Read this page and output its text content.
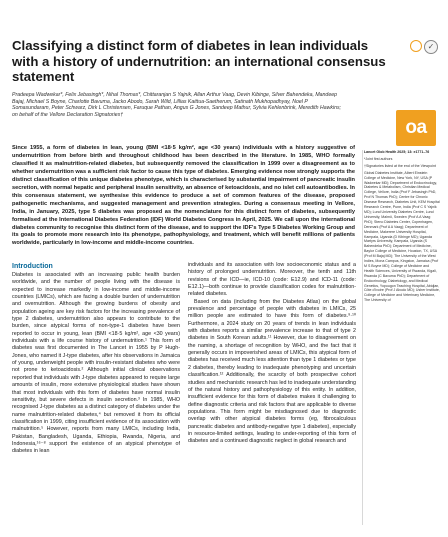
Classifying a distinct form of diabetes in lean individuals with a history of undernutrition: an international consensus statement
✓

Pradeepa Wadwekar*, Felix Jebasingh*, Nihal Thomas*, Chittaranjan S Yajnik, Allan Arthur Vaag, Devin Kibinge, Silver Bahendeka, Mandeep Bajaj, Michael S Boyne, Charlotte Bavuma, Jacko Abodo, Sarah Wild, Lillias Kaittua-Saetherum, Satinath Mukhopadhyay, Noel P Somasundaram, Peter Schwarz, Dirk L Christensen, Faruque Pathan, Angus G Jones, Sandeep Mathur, Sylvia Kehlenbrink, Meredith Hawkins; on behalf of the Vellore Declaration Signatories†

oa

Since 1955, a form of diabetes in lean, young (BMI <18·5 kg/m², age <30 years) individuals with a history suggestive of undernutrition from before birth and throughout childhood has been described in the literature. In 1985, WHO formally classified it as malnutrition-related diabetes, but subsequently removed the classification in 1999 over a disagreement as to whether undernutrition was a sufficient risk factor to cause this type of diabetes. Emerging evidence now strongly supports the distinct classification of this unique diabetes phenotype, which is characterised by substantial impairment of pancreatic insulin secretion, with normal hepatic and peripheral insulin sensitivity, an absence of ketoacidosis, and no islet cell autoantibodies. In this consensus statement, we synthesise this evidence to produce a set of common features of the disease, proposed pathogenetic mechanisms, and suggested management and prevention strategies. During a consensus meeting in Vellore, India, in January, 2025, type 5 diabetes was proposed as the nomenclature for this distinct form of diabetes, subsequently formalised at the International Diabetes Federation (IDF) World Diabetes Congress in April, 2025. We call upon the international diabetes community to recognise this distinct form of the disease, and to support the IDF's Type 5 Diabetes Working Group and its goals to promote more research into its phenotype, pathophysiology, and treatment, which will benefit millions of patients worldwide, particularly in low-income and middle-income countries.

Lancet Glob Health 2025; 13: e1771–76

*Joint first authors

†Signatories listed at the end of the Viewpoint

Global Diabetes Institute, Albert Einstein College of Medicine, New York, NY, USA (P Wadwekar MD); Department of Endocrinology, Diabetes & Metabolism, Christian Medical College, Vellore, India (Prof F Jebasingh PhD, Prof N Thomas PhD); Centre for Chronic Disease Research, Diabetes Unit, KEM Hospital Research Centre, Pune, India (Prof C S Yajnik MD); Lund University Diabetes Centre, Lund University, Malmö, Sweden (Prof A A Vaag PhD); Steno Diabetes Center, Copenhagen, Denmark (Prof A A Vaag); Department of Medicine, Makerere University Hospital, Kampala, Uganda (D Kibinge MD); Uganda Martyrs University, Kampala, Uganda (S Bahendeka PhD); Department of Medicine, Baylor College of Medicine, Houston, TX, USA (Prof M Bajaj MD); The University of the West Indies, Mona Campus, Kingston, Jamaica (Prof M S Boyne MD); College of Medicine and Health Sciences, University of Rwanda, Kigali, Rwanda (C Bavuma PhD); Department of Endocrinology, Diabetology, and Medical Genetics, Yopougon Teaching Hospital, Abidjan, Côte d'Ivoire (Prof J Abodo MD); Usher Institute, College of Medicine and Veterinary Medicine, The University of

Introduction

Diabetes is associated with an increasing public health burden worldwide, and the number of people living with the disease is expected to increase markedly in low-income and middle-income countries (LMICs), which are facing a double burden of undernutrition and overnutrition. Although the growing burdens of obesity and population ageing are key risk factors for the increasing prevalence of type 2 diabetes, undernutrition also appears to contribute to the burden, since atypical forms of non-type-1 diabetes have been reported to occur in young, lean (BMI <18·5 kg/m², age <30 years) individuals with a life course history of undernutrition.¹ This form of diabetes was first documented in The Lancet in 1955 by P Hugh-Jones, who named it J-type diabetes, after his observations in Jamaica of young, underweight people with insulin-resistant diabetes who were not prone to ketoacidosis.² Although initial clinical observations reported that individuals with J-type diabetes appeared to require large amounts of insulin, more extensive physiological studies have shown that most individuals with this form of diabetes have normal insulin sensitivity, but severe defects in insulin secretion.³ In 1985, WHO recognised J-type diabetes as a distinct category of diabetes under the name malnutrition-related diabetes,⁴ but removed it from its official classification in 1999, citing insufficient evidence of its association with malnutrition.⁵ However, reports from many LMICs, including India, Pakistan, Bangladesh, Uganda, Ethiopia, Rwanda, Nigeria, and Indonesia,¹⁶⁻⁸ support the existence of an atypical phenotype of diabetes in lean

individuals and its association with low socioeconomic status and a history of prolonged undernutrition. Moreover, the tenth and 11th revisions of the ICD—ie, ICD-10 (code: E12.9) and ICD-11 (code: E12.1)—both continue to provide classification codes for malnutrition-related diabetes.

Based on data (including from the Diabetes Atlas) on the global prevalence and percentage of people with diabetes in LMICs, 25 million people are estimated to have this form of diabetes.⁹·¹⁰ Furthermore, a 2024 study on 20 years of trends in lean individuals with diabetes reports a similar prevalence increase to that of type 2 diabetes in South Korean adults.¹¹ However, due to disagreement on the naming, a shortage of recognition by WHO, and the fact that it generally occurs in impoverished areas of LMICs, this atypical form of diabetes has received much less attention than type 1 diabetes or type 2 diabetes, thereby leading to inadequate phenotyping and uncertain classification.¹² Additionally, the scarcity of both prospective cohort studies and mechanistic research has led to inadequate understanding of the natural history and pathophysiology of this entity. In addition, insufficient evidence for this form of diabetes makes it challenging to define diagnostic criteria and risk factors that are applicable to diverse populations. This form might be misdiagnosed due to diagnostic overlap with other atypical diabetes forms (eg, fibrocalculous pancreatic diabetes and antibody-negative type 1 diabetes), especially in resource-limited settings, leading to under-reporting of this form of diabetes and a continued diagnostic neglect in global research and
